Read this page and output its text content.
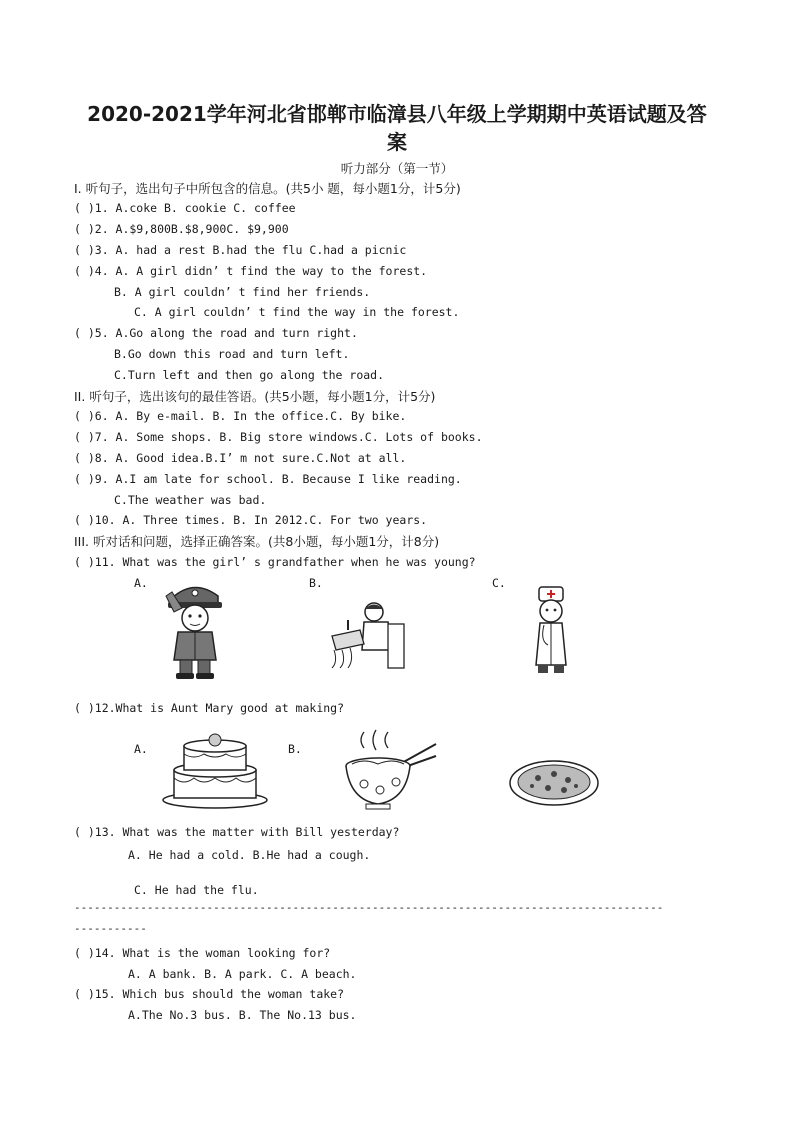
2020-2021学年河北省邯郸市临漳县八年级上学期期中英语试题及答
案
听力部分（第一节）
I. 听句子，选出句子中所包含的信息。(共5小 题，每小题1分，计5分)
( )1. A.coke B. cookie C. coffee
( )2. A.$9,800B.$8,900C. $9,900
( )3. A. had a rest B.had the flu C.had a picnic
( )4. A. A girl didn’ t find the way to the forest.
B. A girl couldn’ t find her friends.
C. A girl couldn’ t find the way in the forest.
( )5. A.Go along the road and turn right.
B.Go down this road and turn left.
C.Turn left and then go along the road.
II. 听句子，选出该句的最佳答语。(共5小题，每小题1分，计5分)
( )6. A. By e-mail. B. In the office.C. By bike.
( )7. A. Some shops. B. Big store windows.C. Lots of books.
( )8. A. Good idea.B.I’ m not sure.C.Not at all.
( )9. A.I am late for school. B. Because I like reading.
C.The weather was bad.
( )10. A. Three times. B. In 2012.C. For two years.
III. 听对话和问题，选择正确答案。(共8小题，每小题1分，计8分)
( )11. What was the girl’ s grandfather when he was young?
A.	B.	C.
( )12.What is Aunt Mary good at making?
A.	B.
( )13. What was the matter with Bill yesterday?
A. He had a cold. B.He had a cough.
C. He had the flu.
-----------------------------------------------------------------------------------------
-----------
( )14. What is the woman looking for?
A. A bank. B. A park. C. A beach.
( )15. Which bus should the woman take?
A.The No.3 bus. B. The No.13 bus.
